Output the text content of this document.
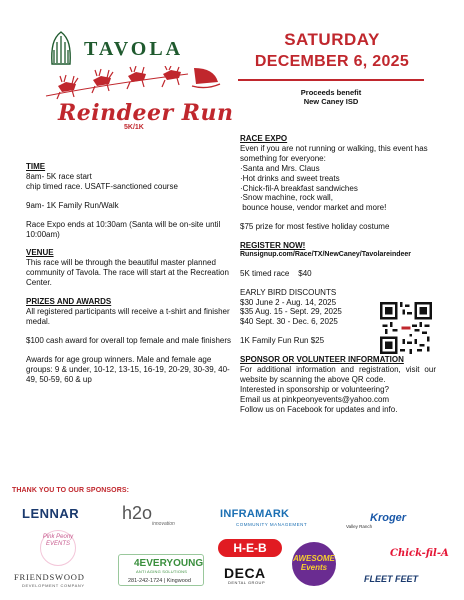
TAVOLA
Reindeer Run
5K/1K
SATURDAY
DECEMBER 6, 2025
Proceeds benefit
New Caney ISD
TIME
8am- 5K race start
chip timed race. USATF-sanctioned course
9am- 1K Family Run/Walk
Race Expo ends at 10:30am (Santa will be on-site until 10:00am)
VENUE
This race will be through the beautiful master planned community of Tavola. The race will start at the Recreation Center.
PRIZES AND AWARDS
All registered participants will receive a t-shirt and finisher medal.
$100 cash award for overall top female and male finishers
Awards for age group winners. Male and female age groups: 9 & under, 10-12, 13-15, 16-19, 20-29, 30-39, 40-49, 50-59, 60 & up
RACE EXPO
Even if you are not running or walking, this event has something for everyone:
·Santa and Mrs. Claus
·Hot drinks and sweet treats
·Chick-fil-A breakfast sandwiches
·Snow machine, rock wall,
bounce house, vendor market and more!
$75 prize for most festive holiday costume
REGISTER NOW!
Runsignup.com/Race/TX/NewCaney/Tavolareindeer
5K timed race    $40
EARLY BIRD DISCOUNTS
$30 June 2 - Aug. 14, 2025
$35 Aug. 15 - Sept. 29, 2025
$40 Sept. 30 - Dec. 6, 2025
1K Family Fun Run $25
SPONSOR OR VOLUNTEER INFORMATION
For additional information and registration, visit our website by scanning the above QR code.
Interested in sponsorship or volunteering?
Email us at pinkpeonyevents@yahoo.com
Follow us on Facebook for updates and info.
THANK YOU TO OUR SPONSORS:
LENNAR h2o
innovation
INFRAMARK
COMMUNITY MANAGEMENT
Kroger
Valley Ranch
Pink Peony EVENTS
FRIENDSWOOD
DEVELOPMENT COMPANY
4EVERYOUNG
ANTI AGING SOLUTIONS
281-242-1724 | Kingwood
H-E-B
DECA
DENTAL GROUP
AWESOME Events
Chick-fil-A
FLEET FEET
